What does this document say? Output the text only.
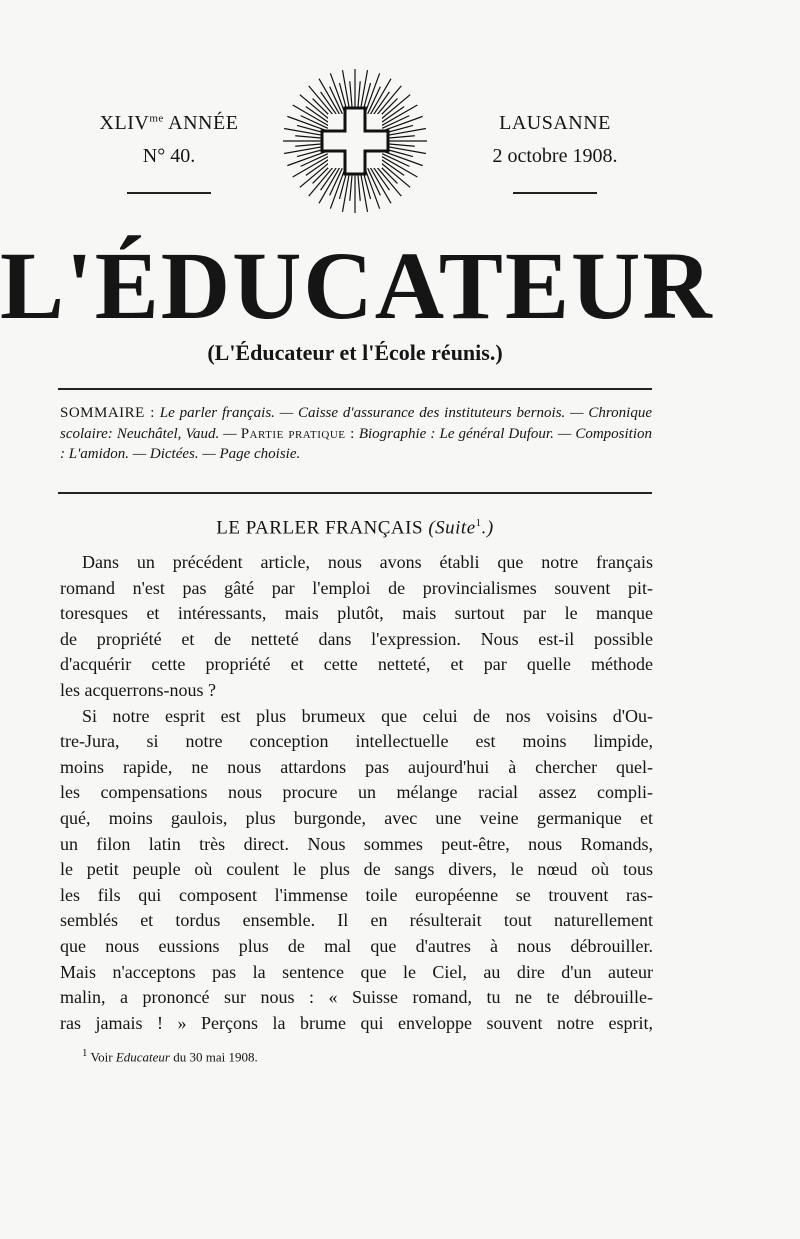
$XLIV^{me}$ ANNÉE
N° 40.
LAUSANNE
2 octobre 1908.
L'ÉDUCATEUR
(L'Éducateur et l'École réunis.)
SOMMAIRE : Le parler français. — Caisse d'assurance des instituteurs bernois. — Chronique scolaire: Neuchâtel, Vaud. — Partie pratique : Biographie : Le général Dufour. — Composition : L'amidon. — Dictées. — Page choisie.
LE PARLER FRANÇAIS (Suite$^1$.)
Dans un précédent article, nous avons établi que notre français
romand n'est pas gâté par l'emploi de provincialismes souvent pit-
toresques et intéressants, mais plutôt, mais surtout par le manque
de propriété et de netteté dans l'expression. Nous est-il possible
d'acquérir cette propriété et cette netteté, et par quelle méthode
les acquerrons-nous ?
Si notre esprit est plus brumeux que celui de nos voisins d'Ou-
tre-Jura, si notre conception intellectuelle est moins limpide,
moins rapide, ne nous attardons pas aujourd'hui à chercher quel-
les compensations nous procure un mélange racial assez compli-
qué, moins gaulois, plus burgonde, avec une veine germanique et
un filon latin très direct. Nous sommes peut-être, nous Romands,
le petit peuple où coulent le plus de sangs divers, le nœud où tous
les fils qui composent l'immense toile européenne se trouvent ras-
semblés et tordus ensemble. Il en résulterait tout naturellement
que nous eussions plus de mal que d'autres à nous débrouiller.
Mais n'acceptons pas la sentence que le Ciel, au dire d'un auteur
malin, a prononcé sur nous : « Suisse romand, tu ne te débrouille-
ras jamais ! » Perçons la brume qui enveloppe souvent notre esprit,
$^1$ Voir Educateur du 30 mai 1908.
